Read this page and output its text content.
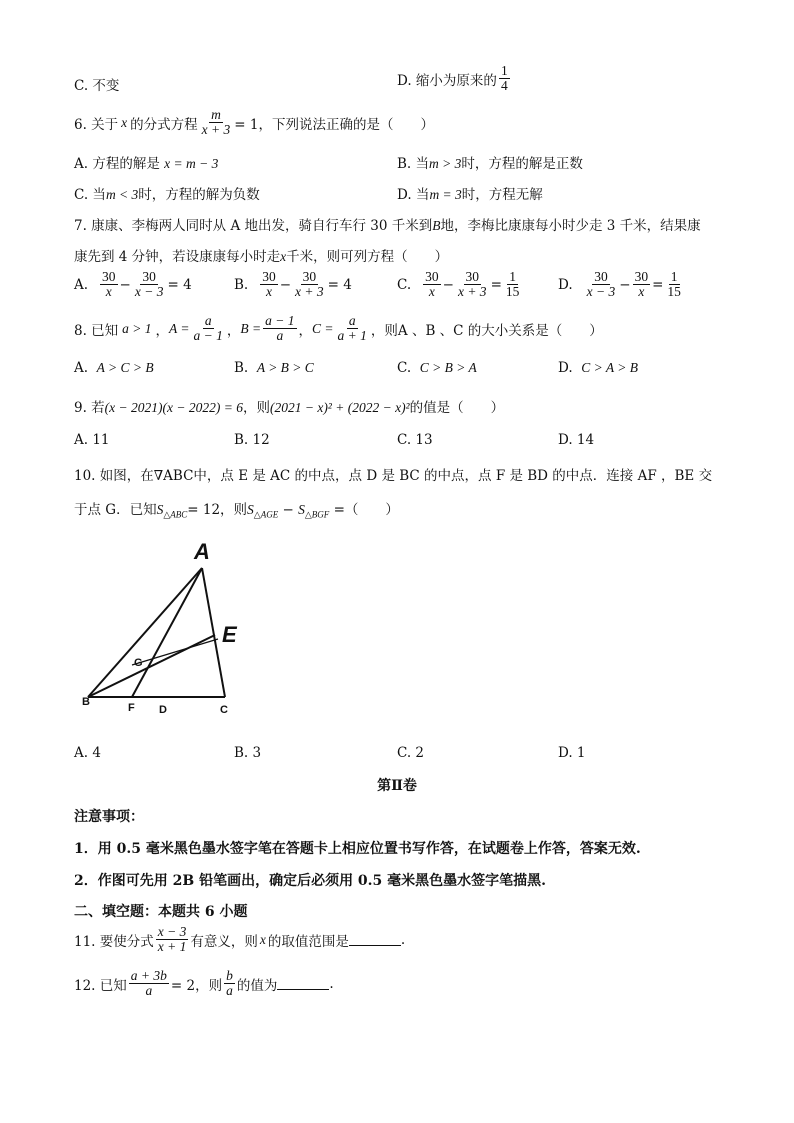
C. 不变	D. 缩小为原来的 $\frac{1}{4}$
6. 关于 x 的分式方程 $\frac{m}{x + 3} = 1$，下列说法正确的是（　　）
A. 方程的解是 x = m − 3	B. 当m > 3时，方程的解是正数
C. 当m < 3时，方程的解为负数	D. 当m = 3时，方程无解
7. 康康、李梅两人同时从 A 地出发，骑自行车行 30 千米到B地，李梅比康康每小时少走 3 千米，结果康
康先到 4 分钟，若设康康每小时走x千米，则可列方程（　　）
A. $\frac{30}{x} - \frac{30}{x - 3} = 4$	B. $\frac{30}{x} - \frac{30}{x + 3} = 4$	C. $\frac{30}{x} - \frac{30}{x + 3} = \frac{1}{15}$	D. $\frac{30}{x - 3} - \frac{30}{x} = \frac{1}{15}$
8. 已知 a > 1 ， $A = \frac{a}{a - 1}$ ， $B = \frac{a - 1}{a}$ ， $C = \frac{a}{a + 1}$ ，则A 、B 、C 的大小关系是（　　）
A. A > C > B	B. A > B > C	C. C > B > A	D. C > A > B
9. 若(x − 2021)(x − 2022) = 6，则(2021 − x)² + (2022 − x)²的值是（　　）
A. 11	B. 12	C. 13	D. 14
10. 如图，在∇ABC中，点 E 是 AC 的中点，点 D 是 BC 的中点，点 F 是 BD 的中点．连接 AF ，BE 交
于点 G．已知$S_{\triangle ABC}= 12$，则$S_{\triangle AGE} - S_{\triangle BGF}$ =（　　）
A
E
G
B	F D	C
A. 4	B. 3	C. 2	D. 1
第Ⅱ卷
注意事项：
1．用 0.5 毫米黑色墨水签字笔在答题卡上相应位置书写作答，在试题卷上作答，答案无效.
2．作图可先用 2B 铅笔画出，确定后必须用 0.5 毫米黑色墨水签字笔描黑.
二、填空题：本题共 6 小题
11. 要使分式 $\frac{x - 3}{x + 1}$ 有意义，则 x 的取值范围是	.
12. 已知 $\frac{a + 3b}{a} = 2$，则 $\frac{b}{a}$ 的值为	.
